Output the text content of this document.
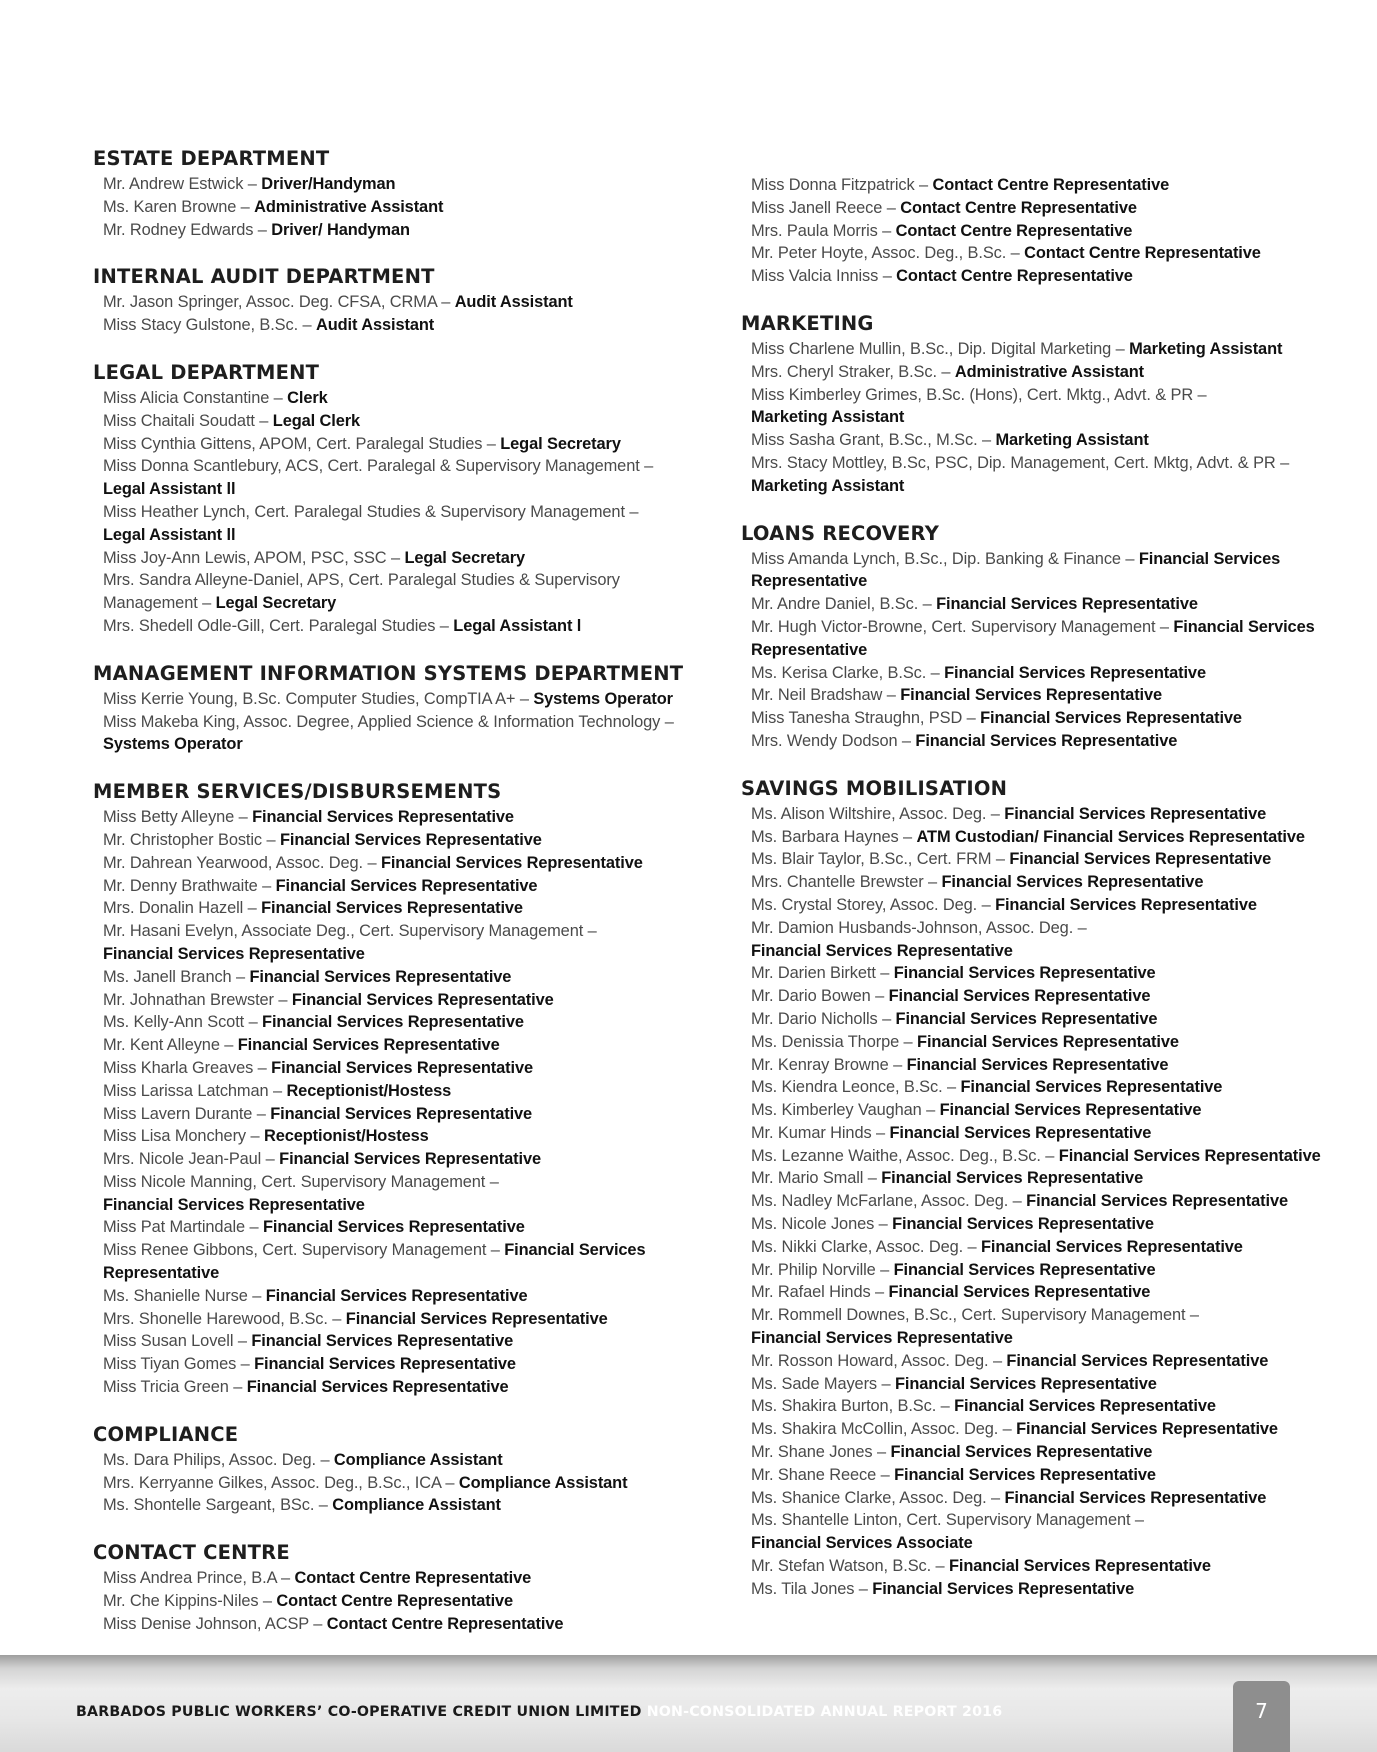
ESTATE DEPARTMENT
Mr. Andrew Estwick – Driver/Handyman
Ms. Karen Browne – Administrative Assistant
Mr. Rodney Edwards – Driver/ Handyman
INTERNAL AUDIT DEPARTMENT
Mr. Jason Springer, Assoc. Deg. CFSA, CRMA – Audit Assistant
Miss Stacy Gulstone, B.Sc. – Audit Assistant
LEGAL DEPARTMENT
Miss Alicia Constantine – Clerk
Miss Chaitali Soudatt – Legal Clerk
Miss Cynthia Gittens, APOM, Cert. Paralegal Studies – Legal Secretary
Miss Donna Scantlebury, ACS, Cert. Paralegal & Supervisory Management –
Legal Assistant ll
Miss Heather Lynch, Cert. Paralegal Studies & Supervisory Management –
Legal Assistant ll
Miss Joy-Ann Lewis, APOM, PSC, SSC – Legal Secretary
Mrs. Sandra Alleyne-Daniel, APS, Cert. Paralegal Studies & Supervisory Management – Legal Secretary
Mrs. Shedell Odle-Gill, Cert. Paralegal Studies – Legal Assistant l
MANAGEMENT INFORMATION SYSTEMS DEPARTMENT
Miss Kerrie Young, B.Sc. Computer Studies, CompTIA A+ – Systems Operator
Miss Makeba King, Assoc. Degree, Applied Science & Information Technology –
Systems Operator
MEMBER SERVICES/DISBURSEMENTS
Miss Betty Alleyne – Financial Services Representative
Mr. Christopher Bostic – Financial Services Representative
Mr. Dahrean Yearwood, Assoc. Deg. – Financial Services Representative
Mr. Denny Brathwaite – Financial Services Representative
Mrs. Donalin Hazell – Financial Services Representative
Mr. Hasani Evelyn, Associate Deg., Cert. Supervisory Management –
Financial Services Representative
Ms. Janell Branch – Financial Services Representative
Mr. Johnathan Brewster – Financial Services Representative
Ms. Kelly-Ann Scott – Financial Services Representative
Mr. Kent Alleyne – Financial Services Representative
Miss Kharla Greaves – Financial Services Representative
Miss Larissa Latchman – Receptionist/Hostess
Miss Lavern Durante – Financial Services Representative
Miss Lisa Monchery – Receptionist/Hostess
Mrs. Nicole Jean-Paul – Financial Services Representative
Miss Nicole Manning, Cert. Supervisory Management –
Financial Services Representative
Miss Pat Martindale – Financial Services Representative
Miss Renee Gibbons, Cert. Supervisory Management – Financial Services Representative
Ms. Shanielle Nurse – Financial Services Representative
Mrs. Shonelle Harewood, B.Sc. – Financial Services Representative
Miss Susan Lovell – Financial Services Representative
Miss Tiyan Gomes – Financial Services Representative
Miss Tricia Green – Financial Services Representative
COMPLIANCE
Ms. Dara Philips, Assoc. Deg. – Compliance Assistant
Mrs. Kerryanne Gilkes, Assoc. Deg., B.Sc., ICA – Compliance Assistant
Ms. Shontelle Sargeant, BSc. – Compliance Assistant
CONTACT CENTRE
Miss Andrea Prince, B.A – Contact Centre Representative
Mr. Che Kippins-Niles – Contact Centre Representative
Miss Denise Johnson, ACSP – Contact Centre Representative
Miss Donna Fitzpatrick – Contact Centre Representative
Miss Janell Reece – Contact Centre Representative
Mrs. Paula Morris – Contact Centre Representative
Mr. Peter Hoyte, Assoc. Deg., B.Sc. – Contact Centre Representative
Miss Valcia Inniss – Contact Centre Representative
MARKETING
Miss Charlene Mullin, B.Sc., Dip. Digital Marketing – Marketing Assistant
Mrs. Cheryl Straker, B.Sc. – Administrative Assistant
Miss Kimberley Grimes, B.Sc. (Hons), Cert. Mktg., Advt. & PR –
Marketing Assistant
Miss Sasha Grant, B.Sc., M.Sc. – Marketing Assistant
Mrs. Stacy Mottley, B.Sc, PSC, Dip. Management, Cert. Mktg, Advt. & PR –
Marketing Assistant
LOANS RECOVERY
Miss Amanda Lynch, B.Sc., Dip. Banking & Finance – Financial Services Representative
Mr. Andre Daniel, B.Sc. – Financial Services Representative
Mr. Hugh Victor-Browne, Cert. Supervisory Management – Financial Services Representative
Ms. Kerisa Clarke, B.Sc. – Financial Services Representative
Mr. Neil Bradshaw – Financial Services Representative
Miss Tanesha Straughn, PSD – Financial Services Representative
Mrs. Wendy Dodson – Financial Services Representative
SAVINGS MOBILISATION
Ms. Alison Wiltshire, Assoc. Deg. – Financial Services Representative
Ms. Barbara Haynes – ATM Custodian/ Financial Services Representative
Ms. Blair Taylor, B.Sc., Cert. FRM – Financial Services Representative
Mrs. Chantelle Brewster – Financial Services Representative
Ms. Crystal Storey, Assoc. Deg. – Financial Services Representative
Mr. Damion Husbands-Johnson, Assoc. Deg. –
Financial Services Representative
Mr. Darien Birkett – Financial Services Representative
Mr. Dario Bowen – Financial Services Representative
Mr. Dario Nicholls – Financial Services Representative
Ms. Denissia Thorpe – Financial Services Representative
Mr. Kenray Browne – Financial Services Representative
Ms. Kiendra Leonce, B.Sc. – Financial Services Representative
Ms. Kimberley Vaughan – Financial Services Representative
Mr. Kumar Hinds – Financial Services Representative
Ms. Lezanne Waithe, Assoc. Deg., B.Sc. – Financial Services Representative
Mr. Mario Small – Financial Services Representative
Ms. Nadley McFarlane, Assoc. Deg. – Financial Services Representative
Ms. Nicole Jones – Financial Services Representative
Ms. Nikki Clarke, Assoc. Deg. – Financial Services Representative
Mr. Philip Norville – Financial Services Representative
Mr. Rafael Hinds – Financial Services Representative
Mr. Rommell Downes, B.Sc., Cert. Supervisory Management –
Financial Services Representative
Mr. Rosson Howard, Assoc. Deg. – Financial Services Representative
Ms. Sade Mayers – Financial Services Representative
Ms. Shakira Burton, B.Sc. – Financial Services Representative
Ms. Shakira McCollin, Assoc. Deg. – Financial Services Representative
Mr. Shane Jones – Financial Services Representative
Mr. Shane Reece – Financial Services Representative
Ms. Shanice Clarke, Assoc. Deg. – Financial Services Representative
Ms. Shantelle Linton, Cert. Supervisory Management –
Financial Services Associate
Mr. Stefan Watson, B.Sc. – Financial Services Representative
Ms. Tila Jones – Financial Services Representative
BARBADOS PUBLIC WORKERS’ CO-OPERATIVE CREDIT UNION LIMITED NON-CONSOLIDATED ANNUAL REPORT 2016	7
